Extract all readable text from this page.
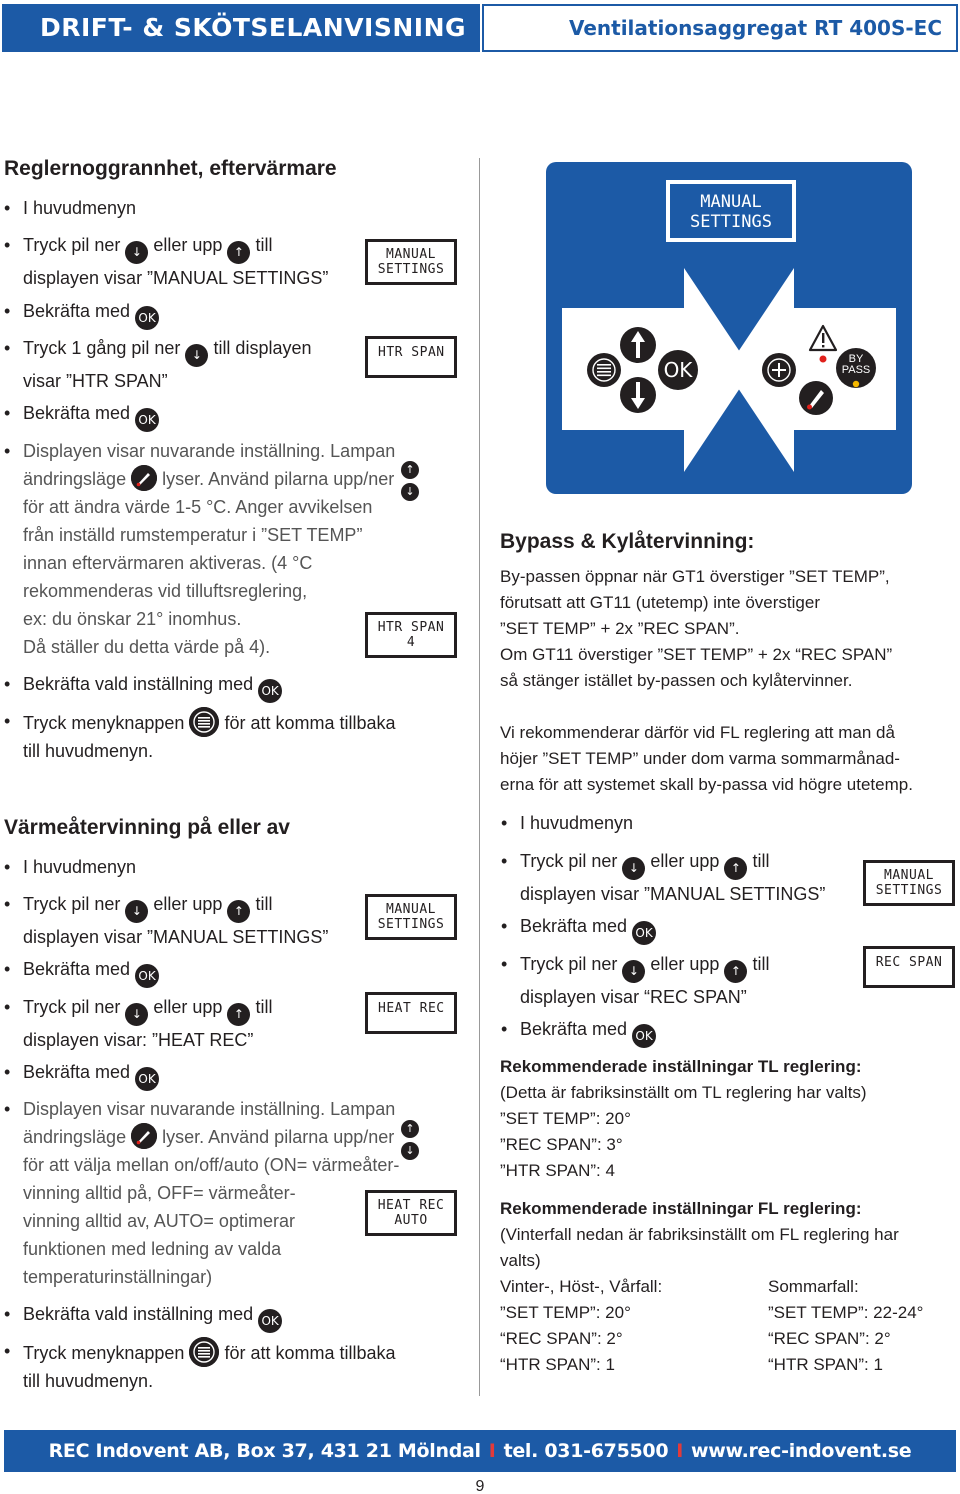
DRIFT- & SKÖTSELANVISNING	Ventilationsaggregat RT 400S-EC
Reglernoggrannhet, eftervärmare
• I huvudmenyn
• Tryck pil ner ↓ eller upp ↑ till
displayen visar ”MANUAL SETTINGS”
MANUAL
SETTINGS
• Bekräfta med OK
• Tryck 1 gång pil ner ↓ till displayen
visar ”HTR SPAN”
HTR SPAN
• Bekräfta med OK
• Displayen visar nuvarande inställning. Lampan
ändringsläge lyser. Använd pilarna upp/ner
för att ändra värde 1-5 °C. Anger avvikelsen
från inställd rumstemperatur i ”SET TEMP”
innan eftervärmaren aktiveras. (4 °C
rekommenderas vid tilluftsreglering,
ex: du önskar 21° inomhus.
Då ställer du detta värde på 4).
↑
↓
HTR SPAN
4
• Bekräfta vald inställning med OK
• Tryck menyknappen för att komma tillbaka
till huvudmenyn.
Värmeåtervinning på eller av
• I huvudmenyn
• Tryck pil ner ↓ eller upp ↑ till
displayen visar ”MANUAL SETTINGS”
MANUAL
SETTINGS
• Bekräfta med OK
• Tryck pil ner ↓ eller upp ↑ till
displayen visar: ”HEAT REC”
HEAT REC
• Bekräfta med OK
• Displayen visar nuvarande inställning. Lampan
ändringsläge lyser. Använd pilarna upp/ner
för att välja mellan on/off/auto (ON= värmeåter-
vinning alltid på, OFF= värmeåter-
vinning alltid av, AUTO= optimerar
funktionen med ledning av valda
temperaturinställningar)
↑
↓
HEAT REC
AUTO
• Bekräfta vald inställning med OK
• Tryck menyknappen för att komma tillbaka
till huvudmenyn.
MANUAL
SETTINGS
OK	BY
PASS
Bypass & Kylåtervinning:
By-passen öppnar när GT1 överstiger ”SET TEMP”,
förutsatt att GT11 (utetemp) inte överstiger
”SET TEMP” + 2x ”REC SPAN”.
Om GT11 överstiger ”SET TEMP” + 2x “REC SPAN”
så stänger istället by-passen och kylåtervinner.
Vi rekommenderar därför vid FL reglering att man då
höjer ”SET TEMP” under dom varma sommarmånad-
erna för att systemet skall by-passa vid högre utetemp.
• I huvudmenyn
• Tryck pil ner ↓ eller upp ↑ till
displayen visar ”MANUAL SETTINGS”
MANUAL
SETTINGS
• Bekräfta med OK
• Tryck pil ner ↓ eller upp ↑ till
displayen visar “REC SPAN”
REC SPAN
• Bekräfta med OK
Rekommenderade inställningar TL reglering:
(Detta är fabriksinställt om TL reglering har valts)
”SET TEMP”: 20°
”REC SPAN”: 3°
”HTR SPAN”: 4
Rekommenderade inställningar FL reglering:
(Vinterfall nedan är fabriksinställt om FL reglering har
valts)
Vinter-, Höst-, Vårfall:
”SET TEMP”: 20°
“REC SPAN”: 2°
“HTR SPAN”: 1
Sommarfall:
”SET TEMP”: 22-24°
“REC SPAN”: 2°
“HTR SPAN”: 1
REC Indovent AB, Box 37, 431 21 Mölndal I tel. 031-675500 I www.rec-indovent.se
9
